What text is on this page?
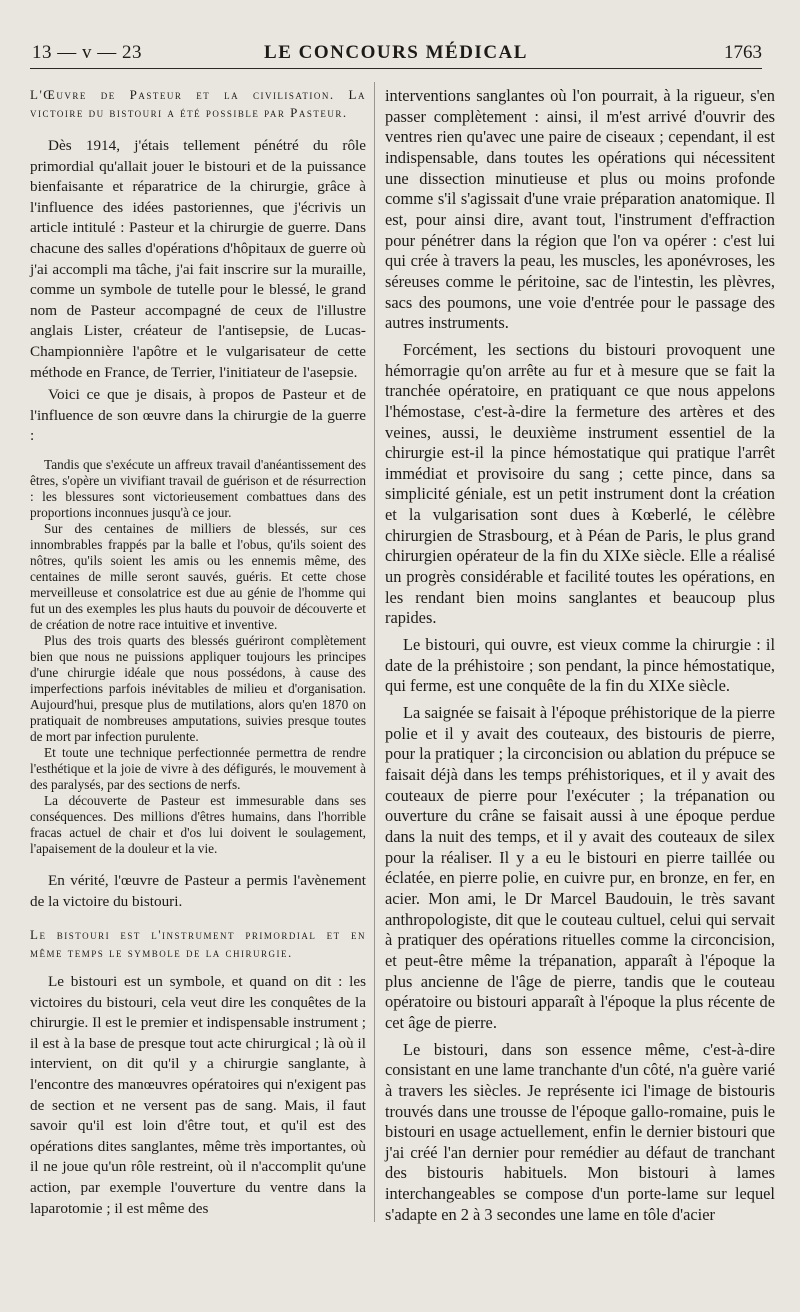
13 — v — 23	LE CONCOURS MÉDICAL	1763
L'Œuvre de Pasteur et la civilisation. La victoire du bistouri a été possible par Pasteur.

Dès 1914, j'étais tellement pénétré du rôle primordial qu'allait jouer le bistouri et de la puissance bienfaisante et réparatrice de la chirurgie, grâce à l'influence des idées pastoriennes, que j'écrivis un article intitulé : Pasteur et la chirurgie de guerre. Dans chacune des salles d'opérations d'hôpitaux de guerre où j'ai accompli ma tâche, j'ai fait inscrire sur la muraille, comme un symbole de tutelle pour le blessé, le grand nom de Pasteur accompagné de ceux de l'illustre anglais Lister, créateur de l'antisepsie, de Lucas-Championnière l'apôtre et le vulgarisateur de cette méthode en France, de Terrier, l'initiateur de l'asepsie.

Voici ce que je disais, à propos de Pasteur et de l'influence de son œuvre dans la chirurgie de la guerre :

Tandis que s'exécute un affreux travail d'anéantissement des êtres, s'opère un vivifiant travail de guérison et de résurrection : les blessures sont victorieusement combattues dans des proportions inconnues jusqu'à ce jour.

Sur des centaines de milliers de blessés, sur ces innombrables frappés par la balle et l'obus, qu'ils soient des nôtres, qu'ils soient les amis ou les ennemis même, des centaines de mille seront sauvés, guéris. Et cette chose merveilleuse et consolatrice est due au génie de l'homme qui fut un des exemples les plus hauts du pouvoir de découverte et de création de notre race intuitive et inventive.

Plus des trois quarts des blessés guériront complètement bien que nous ne puissions appliquer toujours les principes d'une chirurgie idéale que nous possédons, à cause des imperfections parfois inévitables de milieu et d'organisation. Aujourd'hui, presque plus de mutilations, alors qu'en 1870 on pratiquait de nombreuses amputations, suivies presque toutes de mort par infection purulente.

Et toute une technique perfectionnée permettra de rendre l'esthétique et la joie de vivre à des défigurés, le mouvement à des paralysés, par des sections de nerfs.

La découverte de Pasteur est immesurable dans ses conséquences. Des millions d'êtres humains, dans l'horrible fracas actuel de chair et d'os lui doivent le soulagement, l'apaisement de la douleur et la vie.

En vérité, l'œuvre de Pasteur a permis l'avènement de la victoire du bistouri.

Le bistouri est l'instrument primordial et en même temps le symbole de la chirurgie.

Le bistouri est un symbole, et quand on dit : les victoires du bistouri, cela veut dire les conquêtes de la chirurgie. Il est le premier et indispensable instrument ; il est à la base de presque tout acte chirurgical ; là où il intervient, on dit qu'il y a chirurgie sanglante, à l'encontre des manœuvres opératoires qui n'exigent pas de section et ne versent pas de sang. Mais, il faut savoir qu'il est loin d'être tout, et qu'il est des opérations dites sanglantes, même très importantes, où il ne joue qu'un rôle restreint, où il n'accomplit qu'une action, par exemple l'ouverture du ventre dans la laparotomie ; il est même des

interventions sanglantes où l'on pourrait, à la rigueur, s'en passer complètement : ainsi, il m'est arrivé d'ouvrir des ventres rien qu'avec une paire de ciseaux ; cependant, il est indispensable, dans toutes les opérations qui nécessitent une dissection minutieuse et plus ou moins profonde comme s'il s'agissait d'une vraie préparation anatomique. Il est, pour ainsi dire, avant tout, l'instrument d'effraction pour pénétrer dans la région que l'on va opérer : c'est lui qui crée à travers la peau, les muscles, les aponévroses, les séreuses comme le péritoine, sac de l'intestin, les plèvres, sacs des poumons, une voie d'entrée pour le passage des autres instruments.

Forcément, les sections du bistouri provoquent une hémorragie qu'on arrête au fur et à mesure que se fait la tranchée opératoire, en pratiquant ce que nous appelons l'hémostase, c'est-à-dire la fermeture des artères et des veines, aussi, le deuxième instrument essentiel de la chirurgie est-il la pince hémostatique qui pratique l'arrêt immédiat et provisoire du sang ; cette pince, dans sa simplicité géniale, est un petit instrument dont la création et la vulgarisation sont dues à Kœberlé, le célèbre chirurgien de Strasbourg, et à Péan de Paris, le plus grand chirurgien opérateur de la fin du XIXe siècle. Elle a réalisé un progrès considérable et facilité toutes les opérations, en les rendant bien moins sanglantes et beaucoup plus rapides.

Le bistouri, qui ouvre, est vieux comme la chirurgie : il date de la préhistoire ; son pendant, la pince hémostatique, qui ferme, est une conquête de la fin du XIXe siècle.

La saignée se faisait à l'époque préhistorique de la pierre polie et il y avait des couteaux, des bistouris de pierre, pour la pratiquer ; la circoncision ou ablation du prépuce se faisait déjà dans les temps préhistoriques, et il y avait des couteaux de pierre pour l'exécuter ; la trépanation ou ouverture du crâne se faisait aussi à une époque perdue dans la nuit des temps, et il y avait des couteaux de silex pour la réaliser. Il y a eu le bistouri en pierre taillée ou éclatée, en pierre polie, en cuivre pur, en bronze, en fer, en acier. Mon ami, le Dr Marcel Baudouin, le très savant anthropologiste, dit que le couteau cultuel, celui qui servait à pratiquer des opérations rituelles comme la circoncision, et peut-être même la trépanation, apparaît à l'époque la plus ancienne de l'âge de pierre, tandis que le couteau opératoire ou bistouri apparaît à l'époque la plus récente de cet âge de pierre.

Le bistouri, dans son essence même, c'est-à-dire consistant en une lame tranchante d'un côté, n'a guère varié à travers les siècles. Je représente ici l'image de bistouris trouvés dans une trousse de l'époque gallo-romaine, puis le bistouri en usage actuellement, enfin le dernier bistouri que j'ai créé l'an dernier pour remédier au défaut de tranchant des bistouris habituels. Mon bistouri à lames interchangeables se compose d'un porte-lame sur lequel s'adapte en 2 à 3 secondes une lame en tôle d'acier
